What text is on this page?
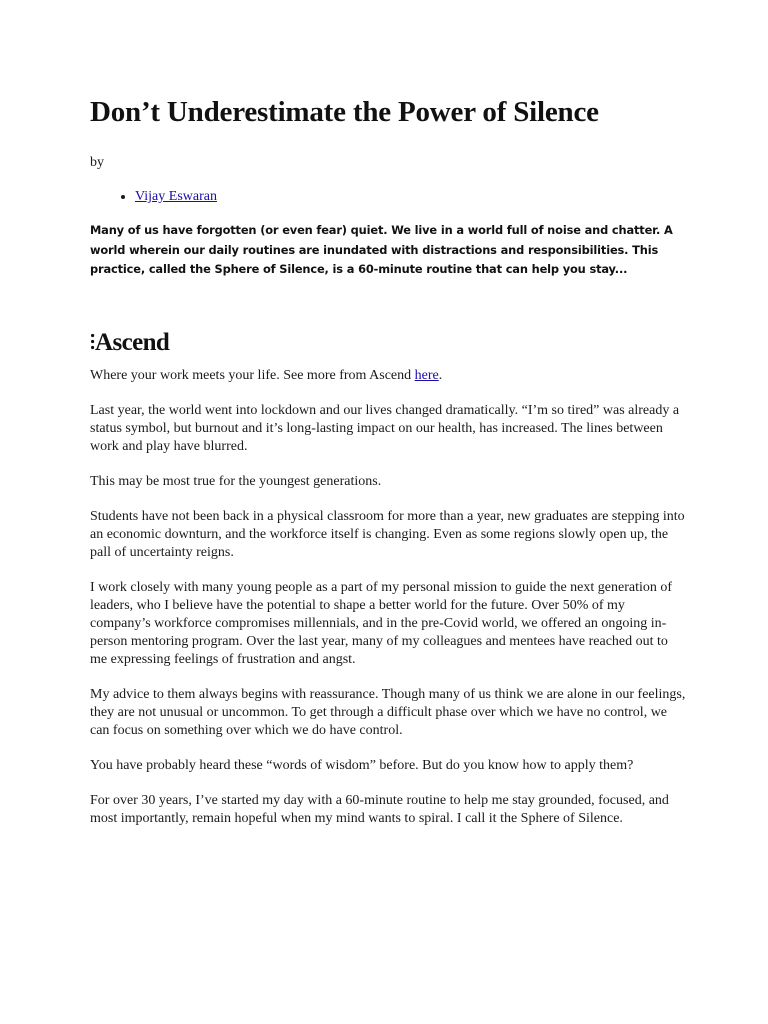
Don’t Underestimate the Power of Silence
by
• Vijay Eswaran
Many of us have forgotten (or even fear) quiet. We live in a world full of noise and chatter. A world wherein our daily routines are inundated with distractions and responsibilities. This practice, called the Sphere of Silence, is a 60-minute routine that can help you stay...
Ascend

Where your work meets your life. See more from Ascend here.

Last year, the world went into lockdown and our lives changed dramatically. “I’m so tired” was already a status symbol, but burnout and it’s long-lasting impact on our health, has increased. The lines between work and play have blurred.

This may be most true for the youngest generations.

Students have not been back in a physical classroom for more than a year, new graduates are stepping into an economic downturn, and the workforce itself is changing. Even as some regions slowly open up, the pall of uncertainty reigns.

I work closely with many young people as a part of my personal mission to guide the next generation of leaders, who I believe have the potential to shape a better world for the future. Over 50% of my company’s workforce compromises millennials, and in the pre-Covid world, we offered an ongoing in-person mentoring program. Over the last year, many of my colleagues and mentees have reached out to me expressing feelings of frustration and angst.

My advice to them always begins with reassurance. Though many of us think we are alone in our feelings, they are not unusual or uncommon. To get through a difficult phase over which we have no control, we can focus on something over which we do have control.

You have probably heard these “words of wisdom” before. But do you know how to apply them?

For over 30 years, I’ve started my day with a 60-minute routine to help me stay grounded, focused, and most importantly, remain hopeful when my mind wants to spiral. I call it the Sphere of Silence.
